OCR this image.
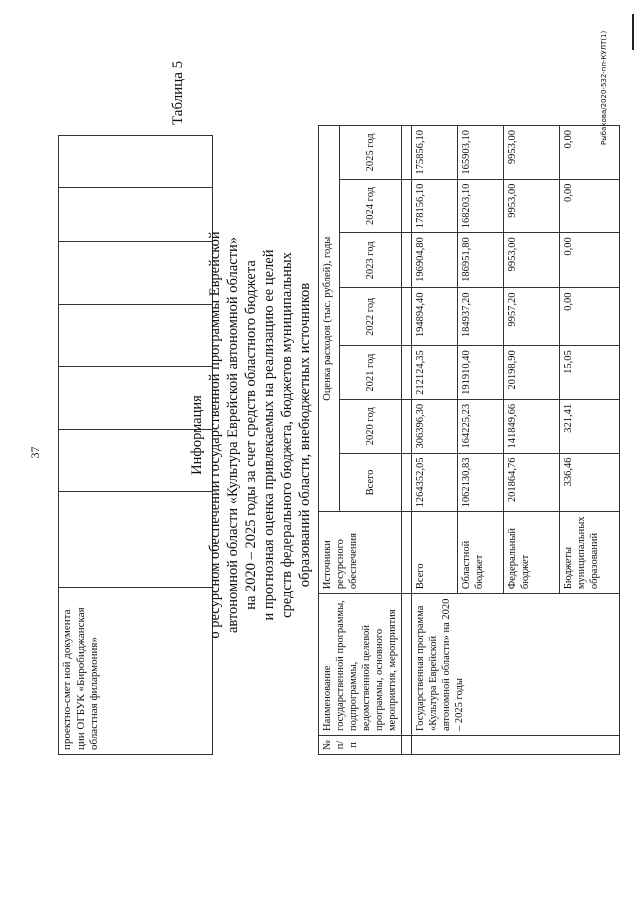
37
проектно-смет ной документа ции ОГБУК «Биробиджанская областная филармония»							
Таблица 5
Информация о ресурсном обеспечении государственной программы Еврейской автономной области «Культура Еврейской автономной области» на 2020 – 2025 годы за счет средств областного бюджета и прогнозная оценка привлекаемых на реализацию ее целей средств федерального бюджета, бюджетов муниципальных образований области, внебюджетных источников
№ п/п	Наименование государственной программы, подпрограммы, ведомственной целевой программы, основного мероприятия, мероприятия	Источники ресурсного обеспечения	Оценка расходов (тыс. рублей), годы						
			Всего	2020 год	2021 год	2022 год	2023 год	2024 год	2025 год

	Государственная программа «Культура Еврейской автономной области» на 2020 – 2025 годы	Всего	1264352,05	306396,30	212124,35	194894,40	196904,80	178156,10	175856,10
		Областной бюджет	1062130,83	164225,23	191910,40	184937,20	186951,80	168203,10	165903,10
		Федеральный бюджет	201864,76	141849,66	20198,90	9957,20	9953,00	9953,00	9953,00
		Бюджеты муниципальных образований	336,46	321,41	15,05	0,00	0,00	0,00	0,00	Рыбакова/2020-532-пп-КУЛТ(1)
